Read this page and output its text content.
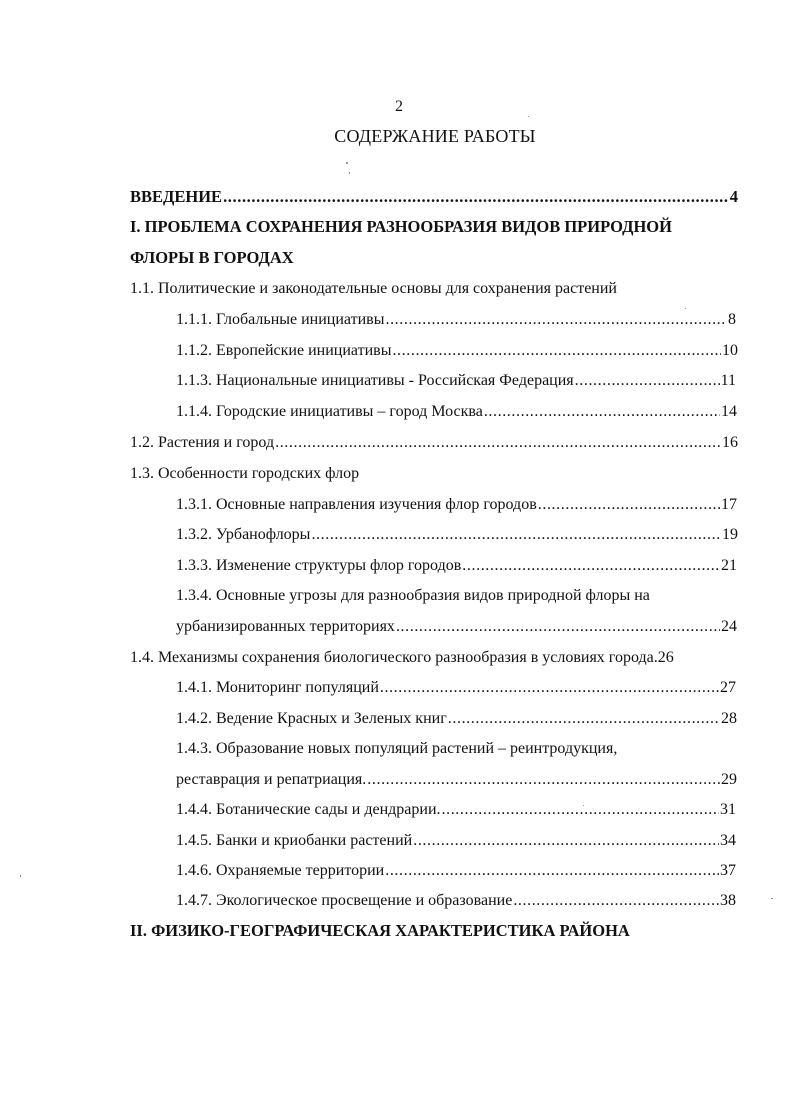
2
СОДЕРЖАНИЕ РАБОТЫ
ВВЕДЕНИЕ .....	4
I. ПРОБЛЕМА СОХРАНЕНИЯ РАЗНООБРАЗИЯ ВИДОВ ПРИРОДНОЙ
ФЛОРЫ В ГОРОДАХ
1.1. Политические и законодательные основы для сохранения растений
1.1.1. Глобальные инициативы .....	8
1.1.2. Европейские инициативы .....	10
1.1.3. Национальные инициативы - Российская Федерация .....	11
1.1.4. Городские инициативы – город Москва .....	14
1.2. Растения и город .....	16
1.3. Особенности городских флор
1.3.1. Основные направления изучения флор городов .....	17
1.3.2. Урбанофлоры .....	19
1.3.3. Изменение структуры флор городов .....	21
1.3.4. Основные угрозы для разнообразия видов природной флоры на
урбанизированных территориях .....	24
1.4. Механизмы сохранения биологического разнообразия в условиях города. 26
1.4.1. Мониторинг популяций .....	27
1.4.2. Ведение Красных и Зеленых книг .....	28
1.4.3. Образование новых популяций растений – реинтродукция,
реставрация и репатриация. .....	29
1.4.4. Ботанические сады и дендрарии. .....	31
1.4.5. Банки и криобанки растений .....	34
1.4.6. Охраняемые территории .....	37
1.4.7. Экологическое просвещение и образование .....	38
II. ФИЗИКО-ГЕОГРАФИЧЕСКАЯ ХАРАКТЕРИСТИКА РАЙОНА
